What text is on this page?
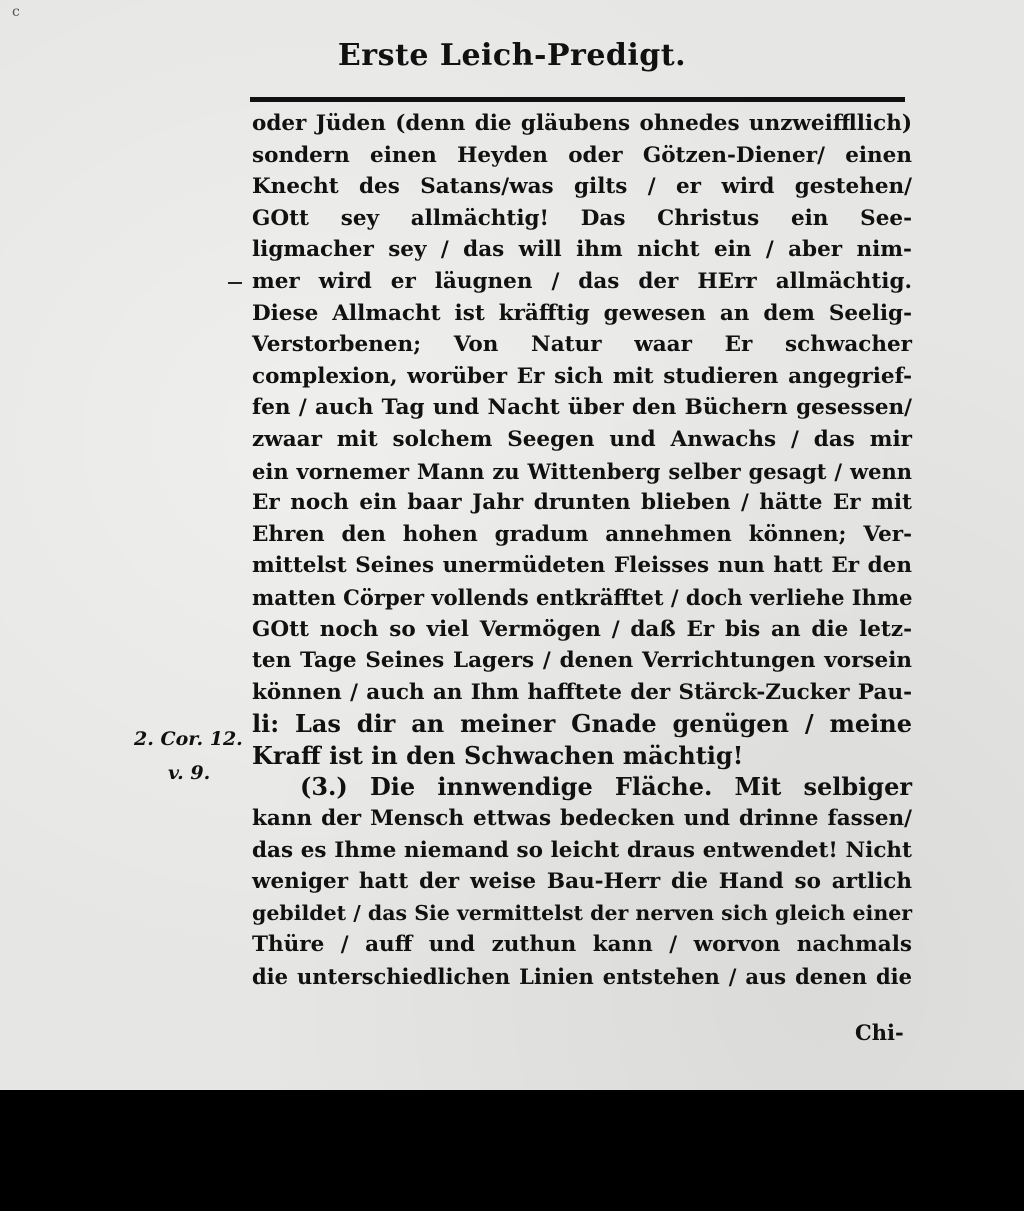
c
Erste Leich-Predigt.
oder Jüden (denn die gläubens ohnedes unzweiffllich)
sondern einen Heyden oder Götzen-Diener/ einen
Knecht des Satans/was gilts / er wird gestehen/
GOtt sey allmächtig! Das Christus ein See-
ligmacher sey / das will ihm nicht ein / aber nim-
mer wird er läugnen / das der HErr allmächtig.
Diese Allmacht ist kräfftig gewesen an dem Seelig-
Verstorbenen; Von Natur waar Er schwacher
complexion, worüber Er sich mit studieren angegrief-
fen / auch Tag und Nacht über den Büchern gesessen/
zwaar mit solchem Seegen und Anwachs / das mir
ein vornemer Mann zu Wittenberg selber gesagt / wenn
Er noch ein baar Jahr drunten blieben / hätte Er mit
Ehren den hohen gradum annehmen können; Ver-
mittelst Seines unermüdeten Fleisses nun hatt Er den
matten Cörper vollends entkräfftet / doch verliehe Ihme
GOtt noch so viel Vermögen / daß Er bis an die letz-
ten Tage Seines Lagers / denen Verrichtungen vorsein
können / auch an Ihm hafftete der Stärck-Zucker Pau-
li: Las dir an meiner Gnade genügen / meine
Kraff ist in den Schwachen mächtig!
(3.) Die innwendige Fläche. Mit selbiger
kann der Mensch ettwas bedecken und drinne fassen/
das es Ihme niemand so leicht draus entwendet! Nicht
weniger hatt der weise Bau-Herr die Hand so artlich
gebildet / das Sie vermittelst der nerven sich gleich einer
Thüre / auff und zuthun kann / worvon nachmals
die unterschiedlichen Linien entstehen / aus denen die
2. Cor. 12.
v. 9.
Chi-
